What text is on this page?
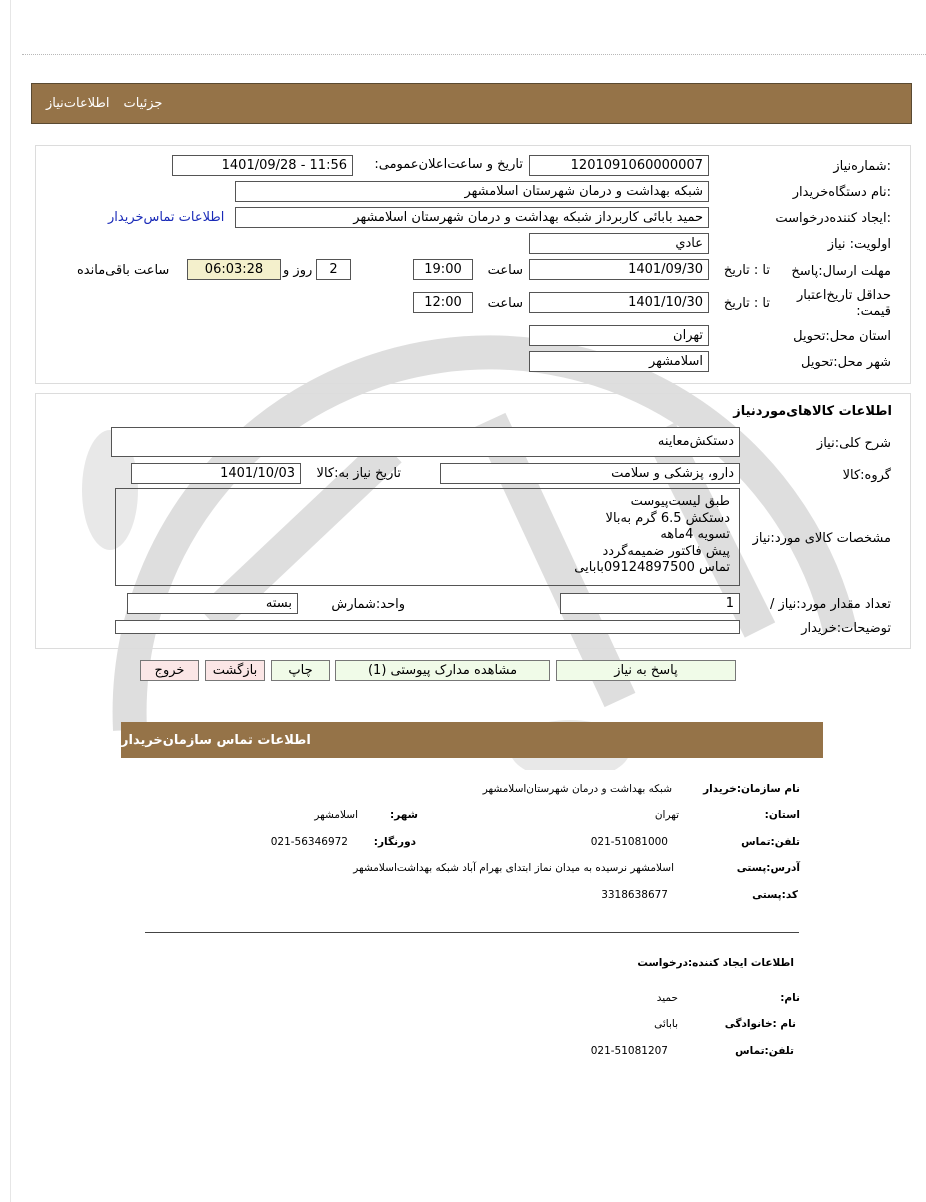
جزئیات
اطلاعات‌نیاز
شماره‌نیاز:
1201091060000007
تاریخ و ساعت‌اعلان‌عمومی:
1401/09/28 - 11:56
نام دستگاه‌خریدار:
شبکه بهداشت و درمان شهرستان اسلامشهر
ایجاد کننده‌درخواست:
حمید بابائی کاربرداز شبکه بهداشت و درمان شهرستان اسلامشهر
اطلاعات تماس‌خریدار
اولویت: نیاز
عادي
مهلت ارسال:پاسخ
تا : تاریخ
1401/09/30
ساعت
19:00
2
روز و
06:03:28
ساعت باقی‌مانده
حداقل تاریخ‌اعتبار
:قیمت
تا : تاریخ
1401/10/30
ساعت
12:00
استان محل:تحویل
تهران
شهر محل:تحویل
اسلامشهر
اطلاعات کالاهای‌مورد‌نیاز
شرح کلی:نیاز
دستکش‌معاینه
گروه:کالا
دارو، پزشکی و سلامت
تاریخ نیاز به:کالا
1401/10/03
مشخصات کالای مورد:نیاز
طبق لیست‌پیوست
دستکش 6.5 گرم به‌بالا
تسویه 4ماهه
پیش فاکتور ضمیمه‌گردد
تماس 09124897500بابایی
/ تعداد مقدار مورد:نیاز
1
واحد:شمارش
بسته
توضیحات:خریدار
پاسخ به نیاز
مشاهده مدارک پیوستی (1)
چاپ
بازگشت
خروج
اطلاعات تماس سازمان‌خریدار
نام سازمان:خریدار
شبکه بهداشت و درمان شهرستان‌اسلامشهر
:استان
تهران
:شهر
اسلامشهر
تلفن:تماس
021-51081000
:دورنگار
021-56346972
آدرس:پستی
اسلامشهر نرسیده به میدان نماز ابتدای بهرام آباد شبکه بهداشت‌اسلامشهر
کد:پستی
3318638677
اطلاعات ایجاد کننده:درخواست
:نام
حمید
نام :خانوادگی
بابائی
تلفن:تماس
021-51081207
